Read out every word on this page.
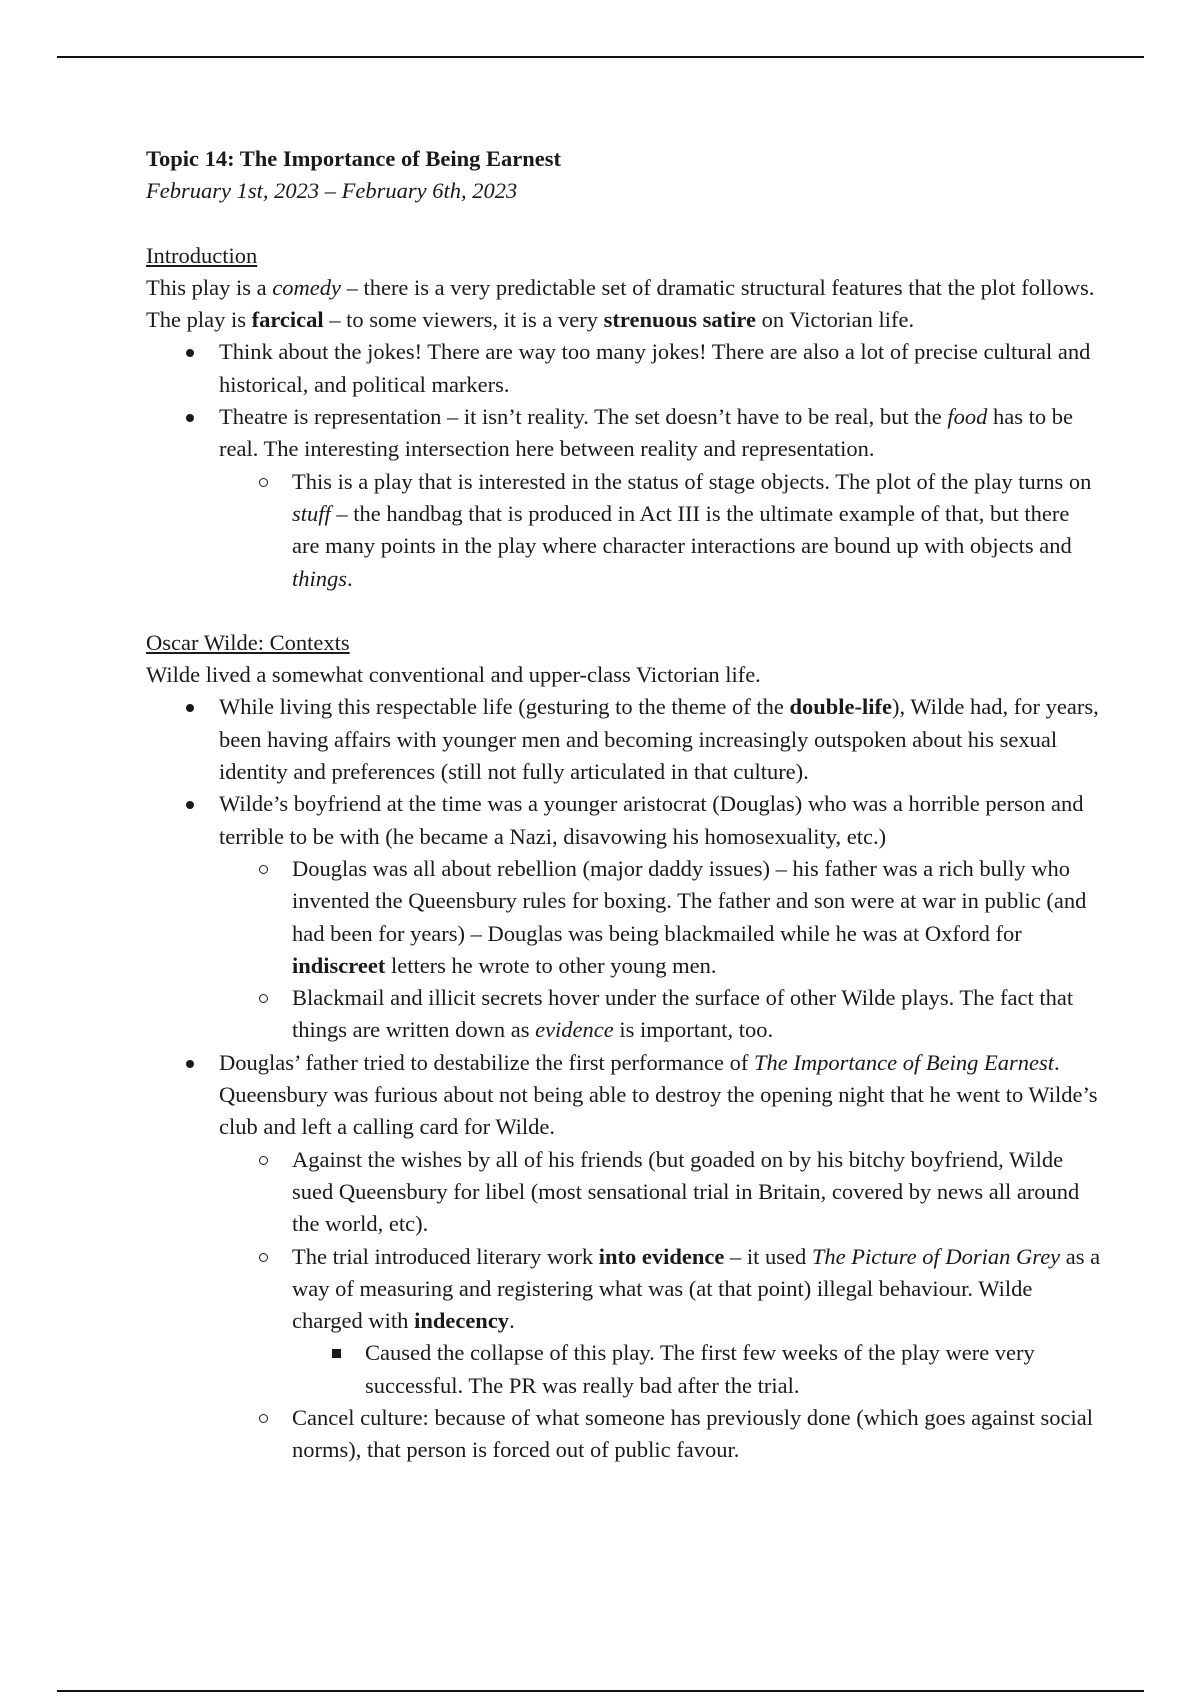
Topic 14: The Importance of Being Earnest

February 1st, 2023 – February 6th, 2023

Introduction

This play is a comedy – there is a very predictable set of dramatic structural features that the plot follows. The play is farcical – to some viewers, it is a very strenuous satire on Victorian life.

Think about the jokes! There are way too many jokes! There are also a lot of precise cultural and historical, and political markers.
Theatre is representation – it isn’t reality. The set doesn’t have to be real, but the food has to be real. The interesting intersection here between reality and representation.
This is a play that is interested in the status of stage objects. The plot of the play turns on stuff – the handbag that is produced in Act III is the ultimate example of that, but there are many points in the play where character interactions are bound up with objects and things.

Oscar Wilde: Contexts

Wilde lived a somewhat conventional and upper-class Victorian life.

While living this respectable life (gesturing to the theme of the double-life), Wilde had, for years, been having affairs with younger men and becoming increasingly outspoken about his sexual identity and preferences (still not fully articulated in that culture).
Wilde’s boyfriend at the time was a younger aristocrat (Douglas) who was a horrible person and terrible to be with (he became a Nazi, disavowing his homosexuality, etc.)
Douglas was all about rebellion (major daddy issues) – his father was a rich bully who invented the Queensbury rules for boxing. The father and son were at war in public (and had been for years) – Douglas was being blackmailed while he was at Oxford for indiscreet letters he wrote to other young men.
Blackmail and illicit secrets hover under the surface of other Wilde plays. The fact that things are written down as evidence is important, too.
Douglas’ father tried to destabilize the first performance of The Importance of Being Earnest. Queensbury was furious about not being able to destroy the opening night that he went to Wilde’s club and left a calling card for Wilde.
Against the wishes by all of his friends (but goaded on by his bitchy boyfriend, Wilde sued Queensbury for libel (most sensational trial in Britain, covered by news all around the world, etc).
The trial introduced literary work into evidence – it used The Picture of Dorian Grey as a way of measuring and registering what was (at that point) illegal behaviour. Wilde charged with indecency.
Caused the collapse of this play. The first few weeks of the play were very successful. The PR was really bad after the trial.
Cancel culture: because of what someone has previously done (which goes against social norms), that person is forced out of public favour.
